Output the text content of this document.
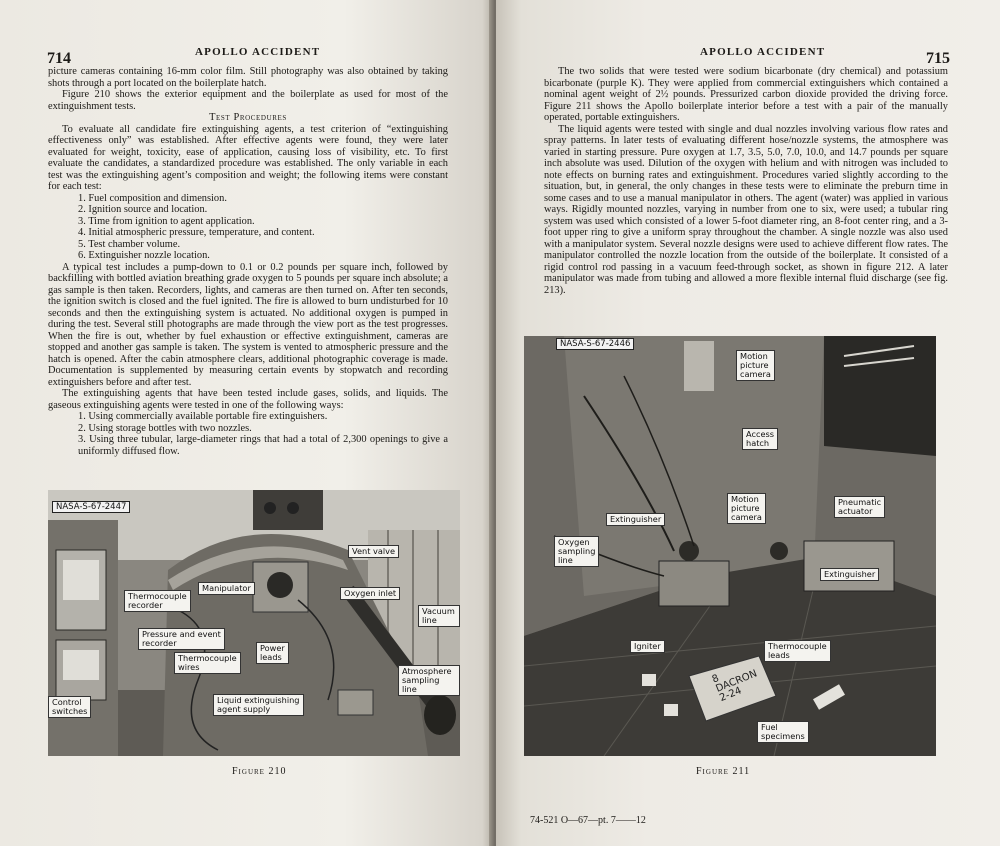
714	APOLLO ACCIDENT

picture cameras containing 16-mm color film. Still photography was also obtained by taking shots through a port located on the boilerplate hatch.

Figure 210 shows the exterior equipment and the boilerplate as used for most of the extinguishment tests.

Test Procedures

To evaluate all candidate fire extinguishing agents, a test criterion of “extinguishing effectiveness only” was established. After effective agents were found, they were later evaluated for weight, toxicity, ease of application, causing loss of visibility, etc. To first evaluate the candidates, a standardized procedure was established. The only variable in each test was the extinguishing agent’s composition and weight; the following items were constant for each test:

1. Fuel composition and dimension.
2. Ignition source and location.
3. Time from ignition to agent application.
4. Initial atmospheric pressure, temperature, and content.
5. Test chamber volume.
6. Extinguisher nozzle location.

A typical test includes a pump-down to 0.1 or 0.2 pounds per square inch, followed by backfilling with bottled aviation breathing grade oxygen to 5 pounds per square inch absolute; a gas sample is then taken. Recorders, lights, and cameras are then turned on. After ten seconds, the ignition switch is closed and the fuel ignited. The fire is allowed to burn undisturbed for 10 seconds and then the extinguishing system is actuated. No additional oxygen is pumped in during the test. Several still photographs are made through the view port as the test progresses. When the fire is out, whether by fuel exhaustion or effective extinguishment, cameras are stopped and another gas sample is taken. The system is vented to atmospheric pressure and the hatch is opened. After the cabin atmosphere clears, additional photographic coverage is made. Documentation is supplemented by measuring certain events by stopwatch and recording extinguishers before and after test.

The extinguishing agents that have been tested include gases, solids, and liquids. The gaseous extinguishing agents were tested in one of the following ways:

1. Using commercially available portable fire extinguishers.
2. Using storage bottles with two nozzles.
3. Using three tubular, large-diameter rings that had a total of 2,300 openings to give a uniformly diffused flow.
NASA-S-67-2447
Vent valve
Manipulator	Oxygen inlet
Vacuum line
Thermocouple
recorder
Pressure and event
recorder
Thermocouple
wires
Power
leads
Atmosphere
sampling line
Control
switches
Liquid extinguishing
agent supply
Figure 210
APOLLO ACCIDENT	715

The two solids that were tested were sodium bicarbonate (dry chemical) and potassium bicarbonate (purple K). They were applied from commercial extinguishers which contained a nominal agent weight of 2½ pounds. Pressurized carbon dioxide provided the driving force. Figure 211 shows the Apollo boilerplate interior before a test with a pair of the manually operated, portable extinguishers.

The liquid agents were tested with single and dual nozzles involving various flow rates and spray patterns. In later tests of evaluating different hose/nozzle systems, the atmosphere was varied in starting pressure. Pure oxygen at 1.7, 3.5, 5.0, 7.0, 10.0, and 14.7 pounds per square inch absolute was used. Dilution of the oxygen with helium and with nitrogen was included to note effects on burning rates and extinguishment. Procedures varied slightly according to the situation, but, in general, the only changes in these tests were to eliminate the preburn time in some cases and to use a manual manipulator in others. The agent (water) was applied in various ways. Rigidly mounted nozzles, varying in number from one to six, were used; a tubular ring system was used which consisted of a lower 5-foot diameter ring, an 8-foot center ring, and a 3-foot upper ring to give a uniform spray throughout the chamber. A single nozzle was also used with a manipulator system. Several nozzle designs were used to achieve different flow rates. The manipulator controlled the nozzle location from the outside of the boilerplate. It consisted of a rigid control rod passing in a vacuum feed-through socket, as shown in figure 212. A later manipulator was made from tubing and allowed a more flexible internal fluid discharge (see fig. 213).

NASA-S-67-2446
Motion
picture
camera
Access
hatch
Motion
picture
camera
Pneumatic
actuator
Extinguisher
Oxygen
sampling
line
Extinguisher
Igniter	Thermocouple
leads
Fuel
specimens
8
DACRON
2-24
Figure 211
74-521 O—67—pt. 7——12
